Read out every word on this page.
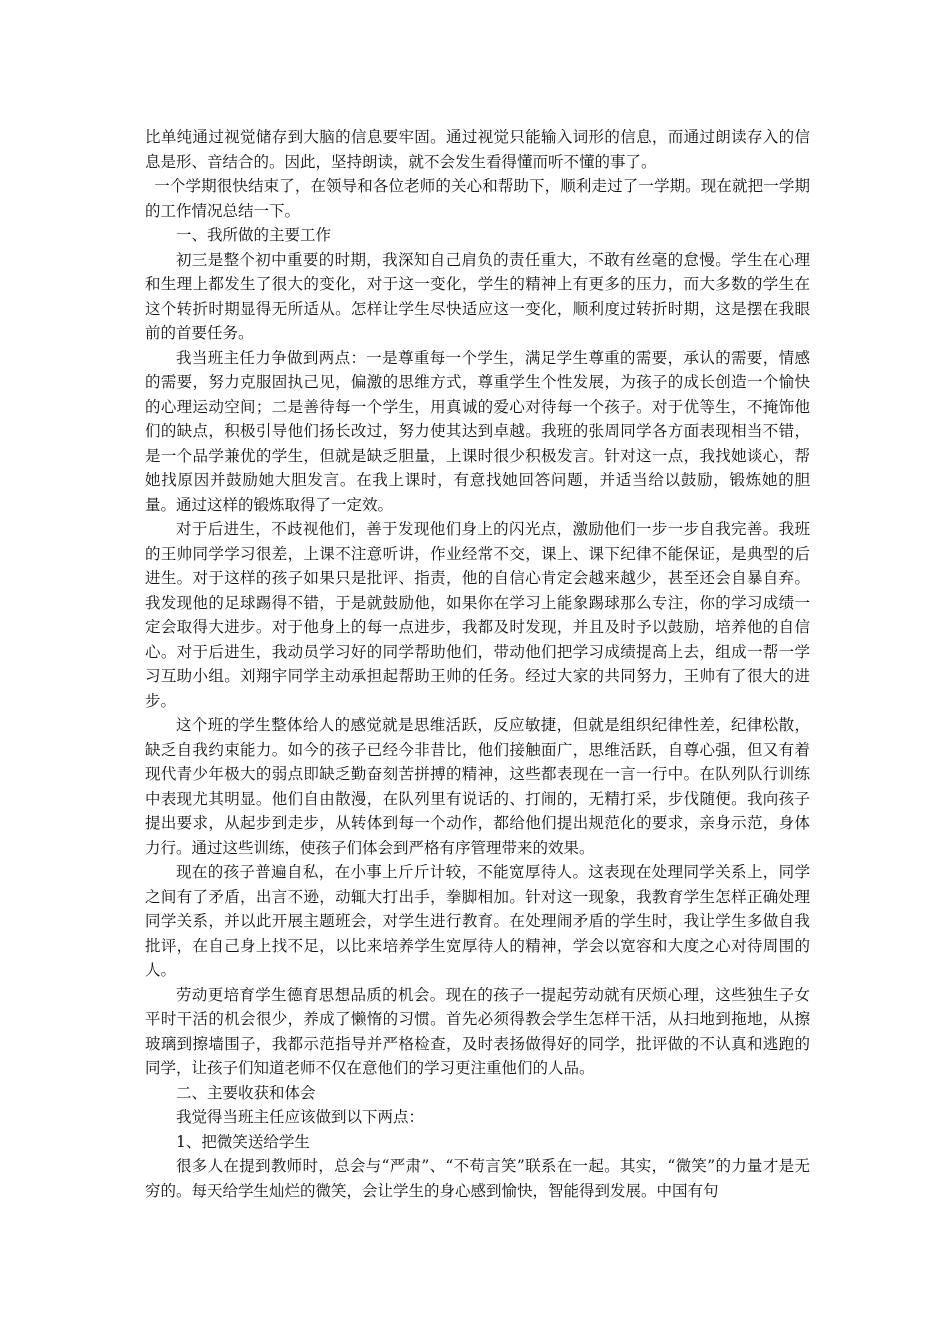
比单纯通过视觉储存到大脑的信息要牢固。通过视觉只能输入词形的信息，而通过朗读存入的信息是形、音结合的。因此，坚持朗读，就不会发生看得懂而听不懂的事了。

一个学期很快结束了，在领导和各位老师的关心和帮助下，顺利走过了一学期。现在就把一学期的工作情况总结一下。

一、我所做的主要工作

初三是整个初中重要的时期，我深知自己肩负的责任重大，不敢有丝毫的怠慢。学生在心理和生理上都发生了很大的变化，对于这一变化，学生的精神上有更多的压力，而大多数的学生在这个转折时期显得无所适从。怎样让学生尽快适应这一变化，顺利度过转折时期，这是摆在我眼前的首要任务。

我当班主任力争做到两点：一是尊重每一个学生，满足学生尊重的需要，承认的需要，情感的需要，努力克服固执己见，偏激的思维方式，尊重学生个性发展，为孩子的成长创造一个愉快的心理运动空间；二是善待每一个学生，用真诚的爱心对待每一个孩子。对于优等生，不掩饰他们的缺点，积极引导他们扬长改过，努力使其达到卓越。我班的张周同学各方面表现相当不错，是一个品学兼优的学生，但就是缺乏胆量，上课时很少积极发言。针对这一点，我找她谈心，帮她找原因并鼓励她大胆发言。在我上课时，有意找她回答问题，并适当给以鼓励，锻炼她的胆量。通过这样的锻炼取得了一定效。

对于后进生，不歧视他们，善于发现他们身上的闪光点，激励他们一步一步自我完善。我班的王帅同学学习很差，上课不注意听讲，作业经常不交，课上、课下纪律不能保证，是典型的后进生。对于这样的孩子如果只是批评、指责，他的自信心肯定会越来越少，甚至还会自暴自弃。我发现他的足球踢得不错，于是就鼓励他，如果你在学习上能象踢球那么专注，你的学习成绩一定会取得大进步。对于他身上的每一点进步，我都及时发现，并且及时予以鼓励，培养他的自信心。对于后进生，我动员学习好的同学帮助他们，带动他们把学习成绩提高上去，组成一帮一学习互助小组。刘翔宇同学主动承担起帮助王帅的任务。经过大家的共同努力，王帅有了很大的进步。

这个班的学生整体给人的感觉就是思维活跃，反应敏捷，但就是组织纪律性差，纪律松散，缺乏自我约束能力。如今的孩子已经今非昔比，他们接触面广，思维活跃，自尊心强，但又有着现代青少年极大的弱点即缺乏勤奋刻苦拼搏的精神，这些都表现在一言一行中。在队列队行训练中表现尤其明显。他们自由散漫，在队列里有说话的、打闹的，无精打采，步伐随便。我向孩子提出要求，从起步到走步，从转体到每一个动作，都给他们提出规范化的要求，亲身示范，身体力行。通过这些训练，使孩子们体会到严格有序管理带来的效果。

现在的孩子普遍自私，在小事上斤斤计较，不能宽厚待人。这表现在处理同学关系上，同学之间有了矛盾，出言不逊，动辄大打出手，拳脚相加。针对这一现象，我教育学生怎样正确处理同学关系，并以此开展主题班会，对学生进行教育。在处理闹矛盾的学生时，我让学生多做自我批评，在自己身上找不足，以比来培养学生宽厚待人的精神，学会以宽容和大度之心对待周围的人。

劳动更培育学生德育思想品质的机会。现在的孩子一提起劳动就有厌烦心理，这些独生子女平时干活的机会很少，养成了懒惰的习惯。首先必须得教会学生怎样干活，从扫地到拖地，从擦玻璃到擦墙围子，我都示范指导并严格检查，及时表扬做得好的同学，批评做的不认真和逃跑的同学，让孩子们知道老师不仅在意他们的学习更注重他们的人品。

二、主要收获和体会

我觉得当班主任应该做到以下两点：

1、把微笑送给学生

很多人在提到教师时，总会与“严肃”、“不苟言笑”联系在一起。其实，“微笑”的力量才是无穷的。每天给学生灿烂的微笑，会让学生的身心感到愉快，智能得到发展。中国有句
